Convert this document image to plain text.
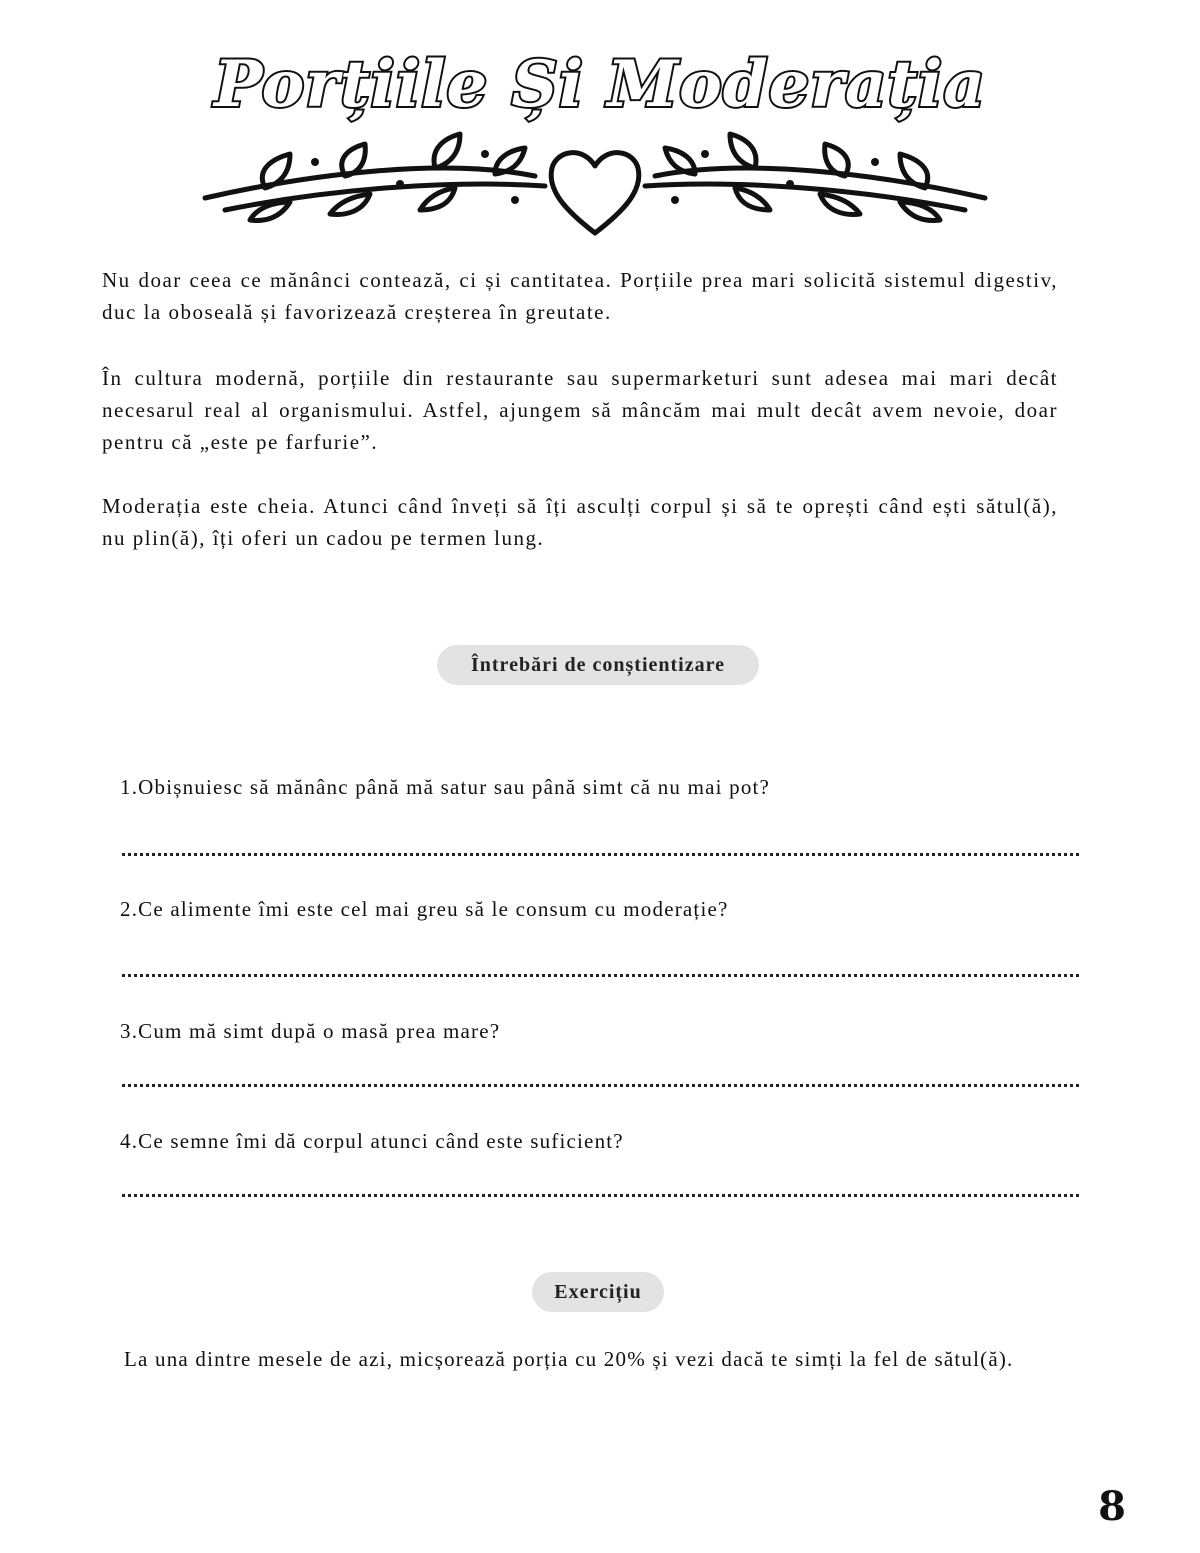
Porțiile Și Moderația

Nu doar ceea ce mănânci contează, ci și cantitatea. Porțiile prea mari solicită sistemul digestiv, duc la oboseală și favorizează creșterea în greutate.

În cultura modernă, porțiile din restaurante sau supermarketuri sunt adesea mai mari decât necesarul real al organismului. Astfel, ajungem să mâncăm mai mult decât avem nevoie, doar pentru că „este pe farfurie”.

Moderația este cheia. Atunci când înveți să îți asculți corpul și să te oprești când ești sătul(ă), nu plin(ă), îți oferi un cadou pe termen lung.

Întrebări de conștientizare
1.Obișnuiesc să mănânc până mă satur sau până simt că nu mai pot?
2.Ce alimente îmi este cel mai greu să le consum cu moderație?
3.Cum mă simt după o masă prea mare?
4.Ce semne îmi dă corpul atunci când este suficient?
Exercițiu

La una dintre mesele de azi, micșorează porția cu 20% și vezi dacă te simți la fel de sătul(ă).

8
